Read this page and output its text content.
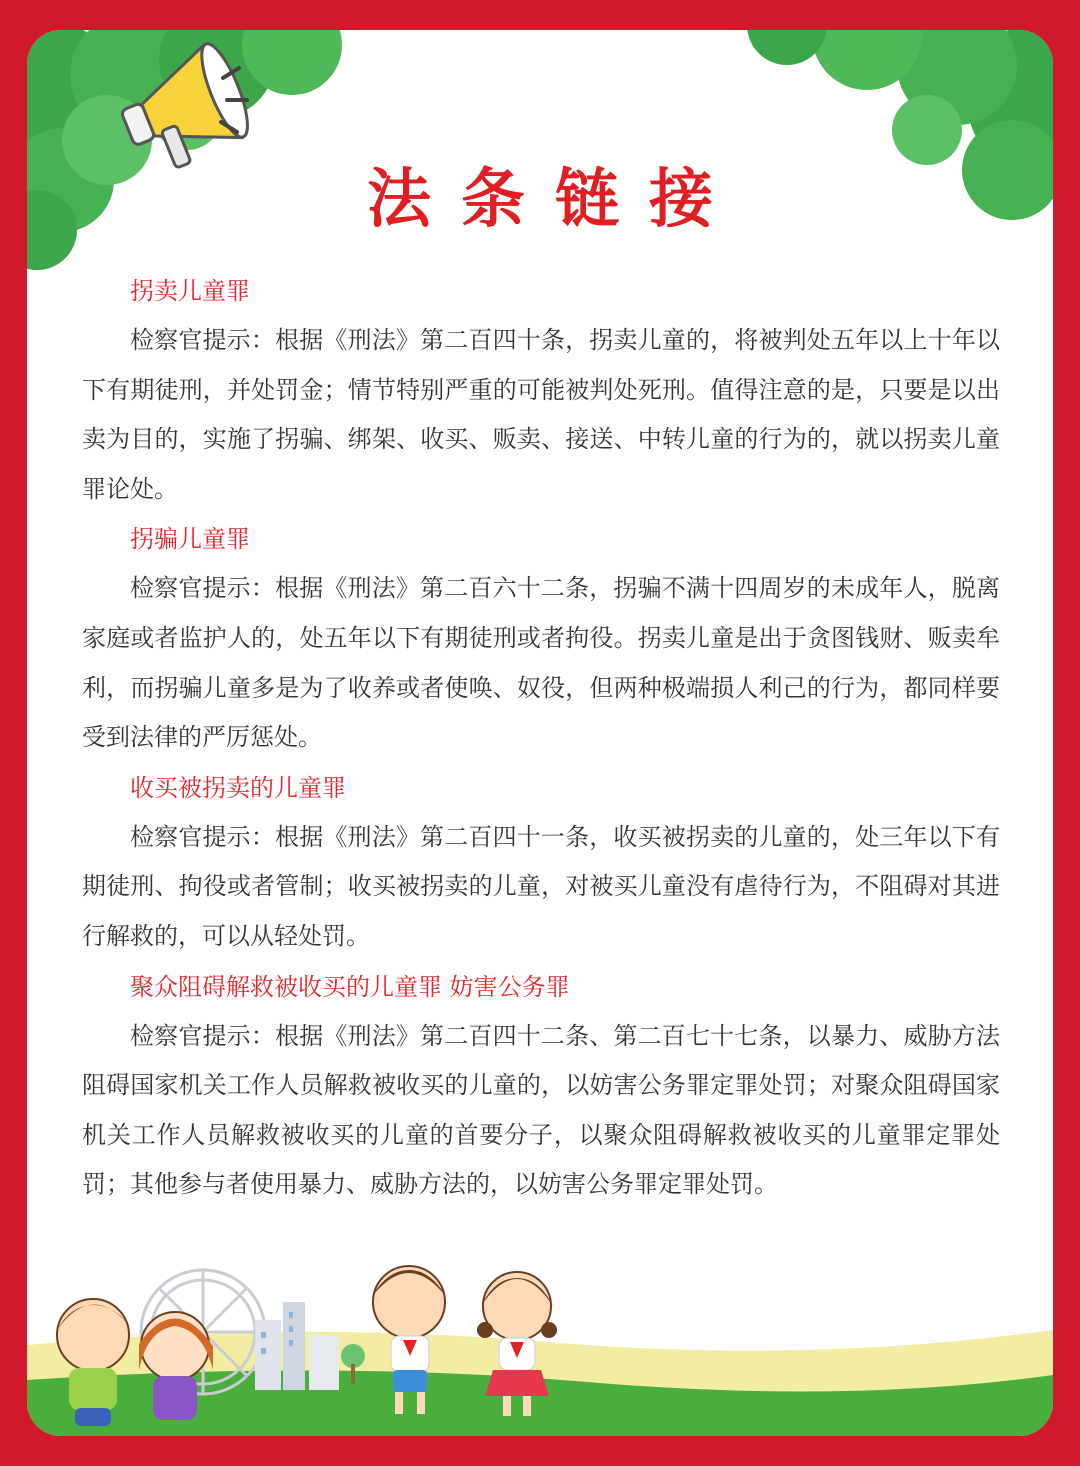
法条链接
拐卖儿童罪

检察官提示：根据《刑法》第二百四十条，拐卖儿童的，将被判处五年以上十年以下有期徒刑，并处罚金；情节特别严重的可能被判处死刑。值得注意的是，只要是以出卖为目的，实施了拐骗、绑架、收买、贩卖、接送、中转儿童的行为的，就以拐卖儿童罪论处。

拐骗儿童罪

检察官提示：根据《刑法》第二百六十二条，拐骗不满十四周岁的未成年人，脱离家庭或者监护人的，处五年以下有期徒刑或者拘役。拐卖儿童是出于贪图钱财、贩卖牟利，而拐骗儿童多是为了收养或者使唤、奴役，但两种极端损人利己的行为，都同样要受到法律的严厉惩处。

收买被拐卖的儿童罪

检察官提示：根据《刑法》第二百四十一条，收买被拐卖的儿童的，处三年以下有期徒刑、拘役或者管制；收买被拐卖的儿童，对被买儿童没有虐待行为，不阻碍对其进行解救的，可以从轻处罚。

聚众阻碍解救被收买的儿童罪 妨害公务罪

检察官提示：根据《刑法》第二百四十二条、第二百七十七条，以暴力、威胁方法阻碍国家机关工作人员解救被收买的儿童的，以妨害公务罪定罪处罚；对聚众阻碍国家机关工作人员解救被收买的儿童的首要分子，以聚众阻碍解救被收买的儿童罪定罪处罚；其他参与者使用暴力、威胁方法的，以妨害公务罪定罪处罚。
